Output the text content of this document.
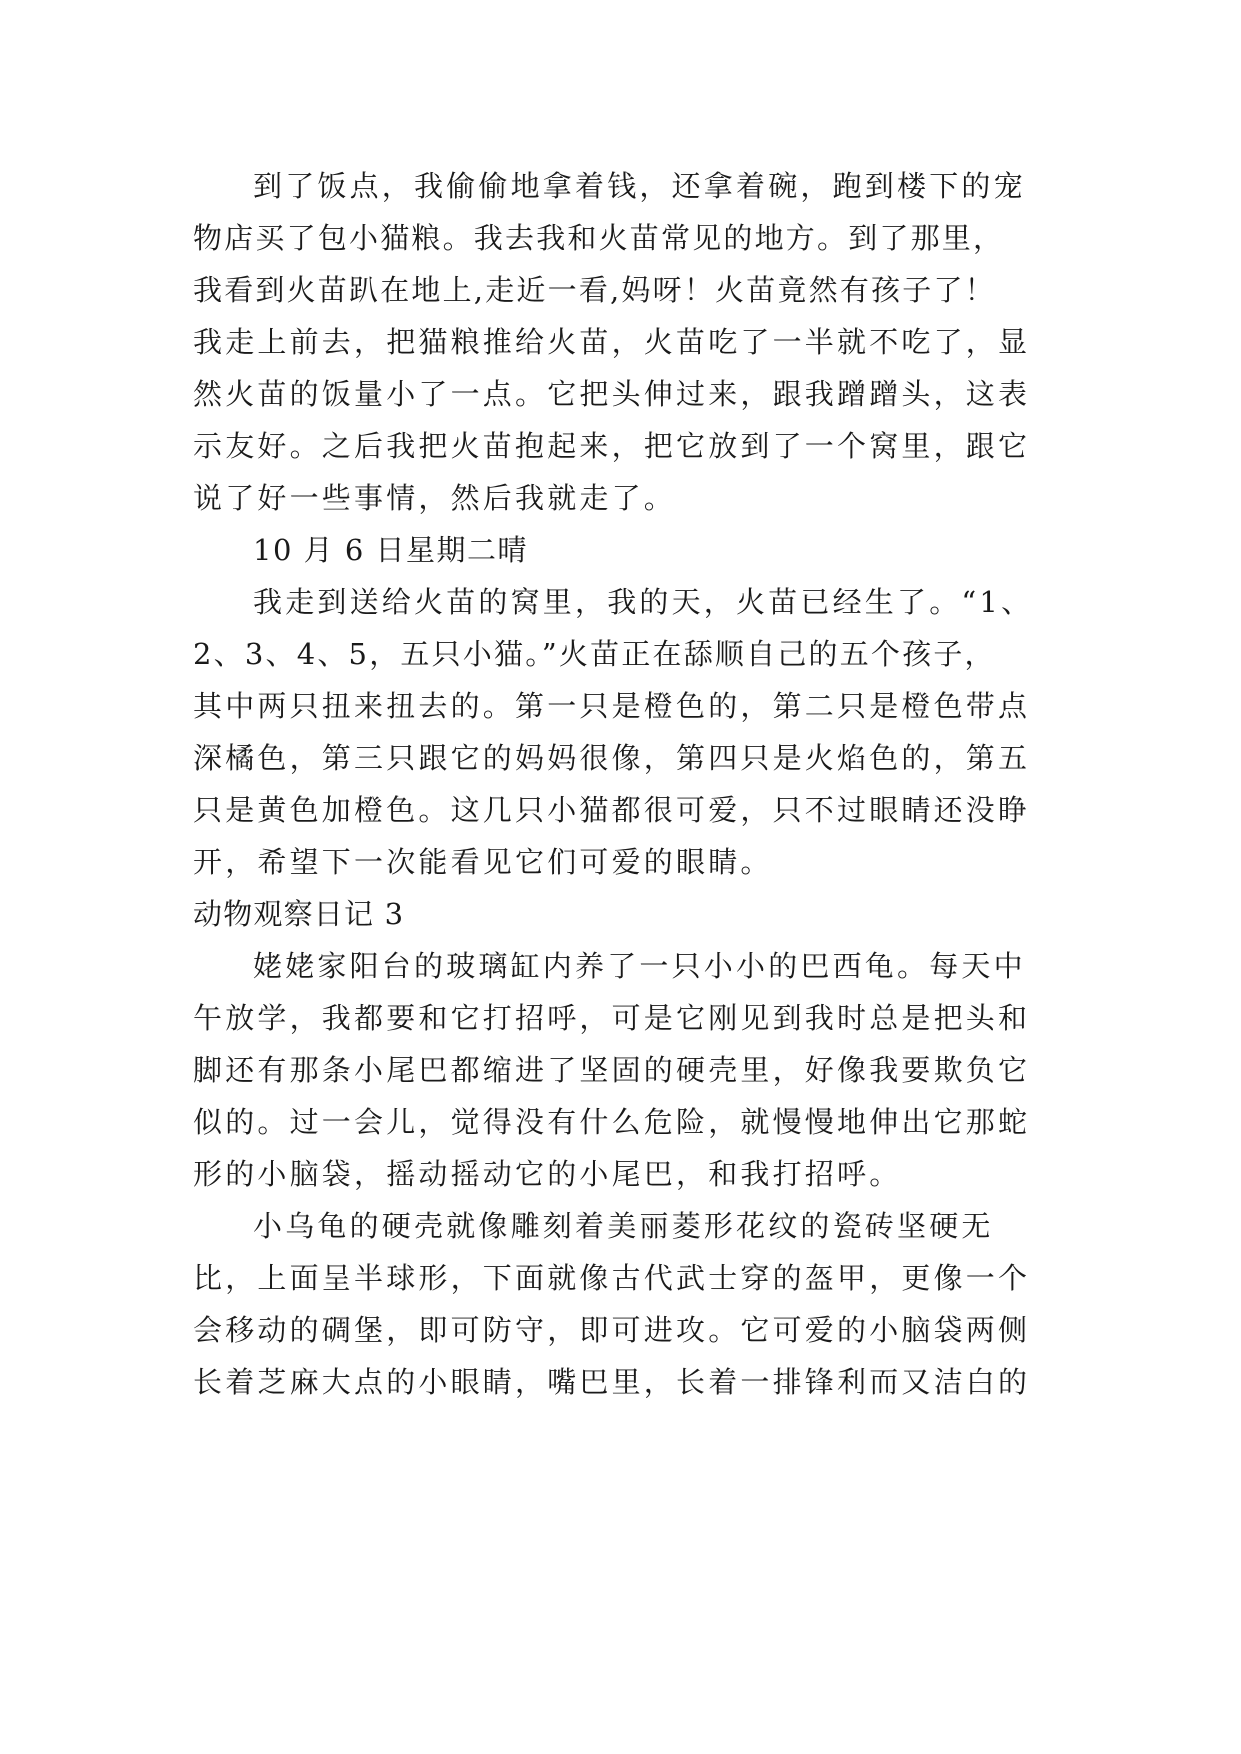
到了饭点，我偷偷地拿着钱，还拿着碗，跑到楼下的宠
物店买了包小猫粮。我去我和火苗常见的地方。到了那里，
我看到火苗趴在地上,走近一看,妈呀！火苗竟然有孩子了！
我走上前去，把猫粮推给火苗，火苗吃了一半就不吃了，显
然火苗的饭量小了一点。它把头伸过来，跟我蹭蹭头，这表
示友好。之后我把火苗抱起来，把它放到了一个窝里，跟它
说了好一些事情，然后我就走了。
10 月 6 日星期二晴
我走到送给火苗的窝里，我的天，火苗已经生了。“1、
2、3、4、5，五只小猫。”火苗正在舔顺自己的五个孩子，
其中两只扭来扭去的。第一只是橙色的，第二只是橙色带点
深橘色，第三只跟它的妈妈很像，第四只是火焰色的，第五
只是黄色加橙色。这几只小猫都很可爱，只不过眼睛还没睁
开，希望下一次能看见它们可爱的眼睛。
动物观察日记 3
姥姥家阳台的玻璃缸内养了一只小小的巴西龟。每天中
午放学，我都要和它打招呼，可是它刚见到我时总是把头和
脚还有那条小尾巴都缩进了坚固的硬壳里，好像我要欺负它
似的。过一会儿，觉得没有什么危险，就慢慢地伸出它那蛇
形的小脑袋，摇动摇动它的小尾巴，和我打招呼。
小乌龟的硬壳就像雕刻着美丽菱形花纹的瓷砖坚硬无
比，上面呈半球形，下面就像古代武士穿的盔甲，更像一个
会移动的碉堡，即可防守，即可进攻。它可爱的小脑袋两侧
长着芝麻大点的小眼睛，嘴巴里，长着一排锋利而又洁白的
